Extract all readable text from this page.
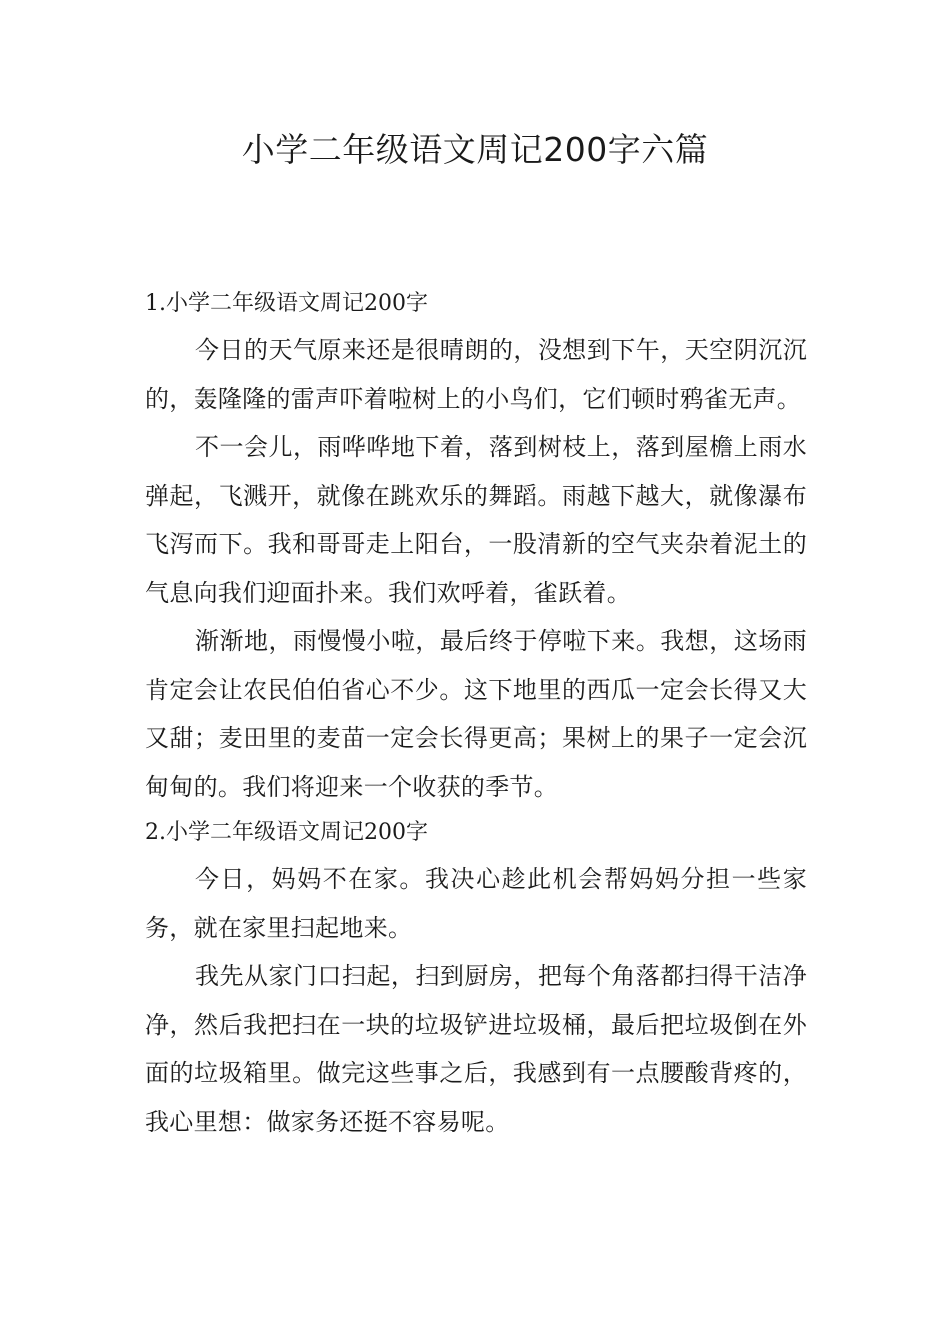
小学二年级语文周记200字六篇

1.小学二年级语文周记200字

今日的天气原来还是很晴朗的，没想到下午，天空阴沉沉的，轰隆隆的雷声吓着啦树上的小鸟们，它们顿时鸦雀无声。

不一会儿，雨哗哗地下着，落到树枝上，落到屋檐上雨水弹起，飞溅开，就像在跳欢乐的舞蹈。雨越下越大，就像瀑布飞泻而下。我和哥哥走上阳台，一股清新的空气夹杂着泥土的气息向我们迎面扑来。我们欢呼着，雀跃着。

渐渐地，雨慢慢小啦，最后终于停啦下来。我想，这场雨肯定会让农民伯伯省心不少。这下地里的西瓜一定会长得又大又甜；麦田里的麦苗一定会长得更高；果树上的果子一定会沉甸甸的。我们将迎来一个收获的季节。

2.小学二年级语文周记200字

今日，妈妈不在家。我决心趁此机会帮妈妈分担一些家务，就在家里扫起地来。

我先从家门口扫起，扫到厨房，把每个角落都扫得干洁净净，然后我把扫在一块的垃圾铲进垃圾桶，最后把垃圾倒在外面的垃圾箱里。做完这些事之后，我感到有一点腰酸背疼的，我心里想：做家务还挺不容易呢。
